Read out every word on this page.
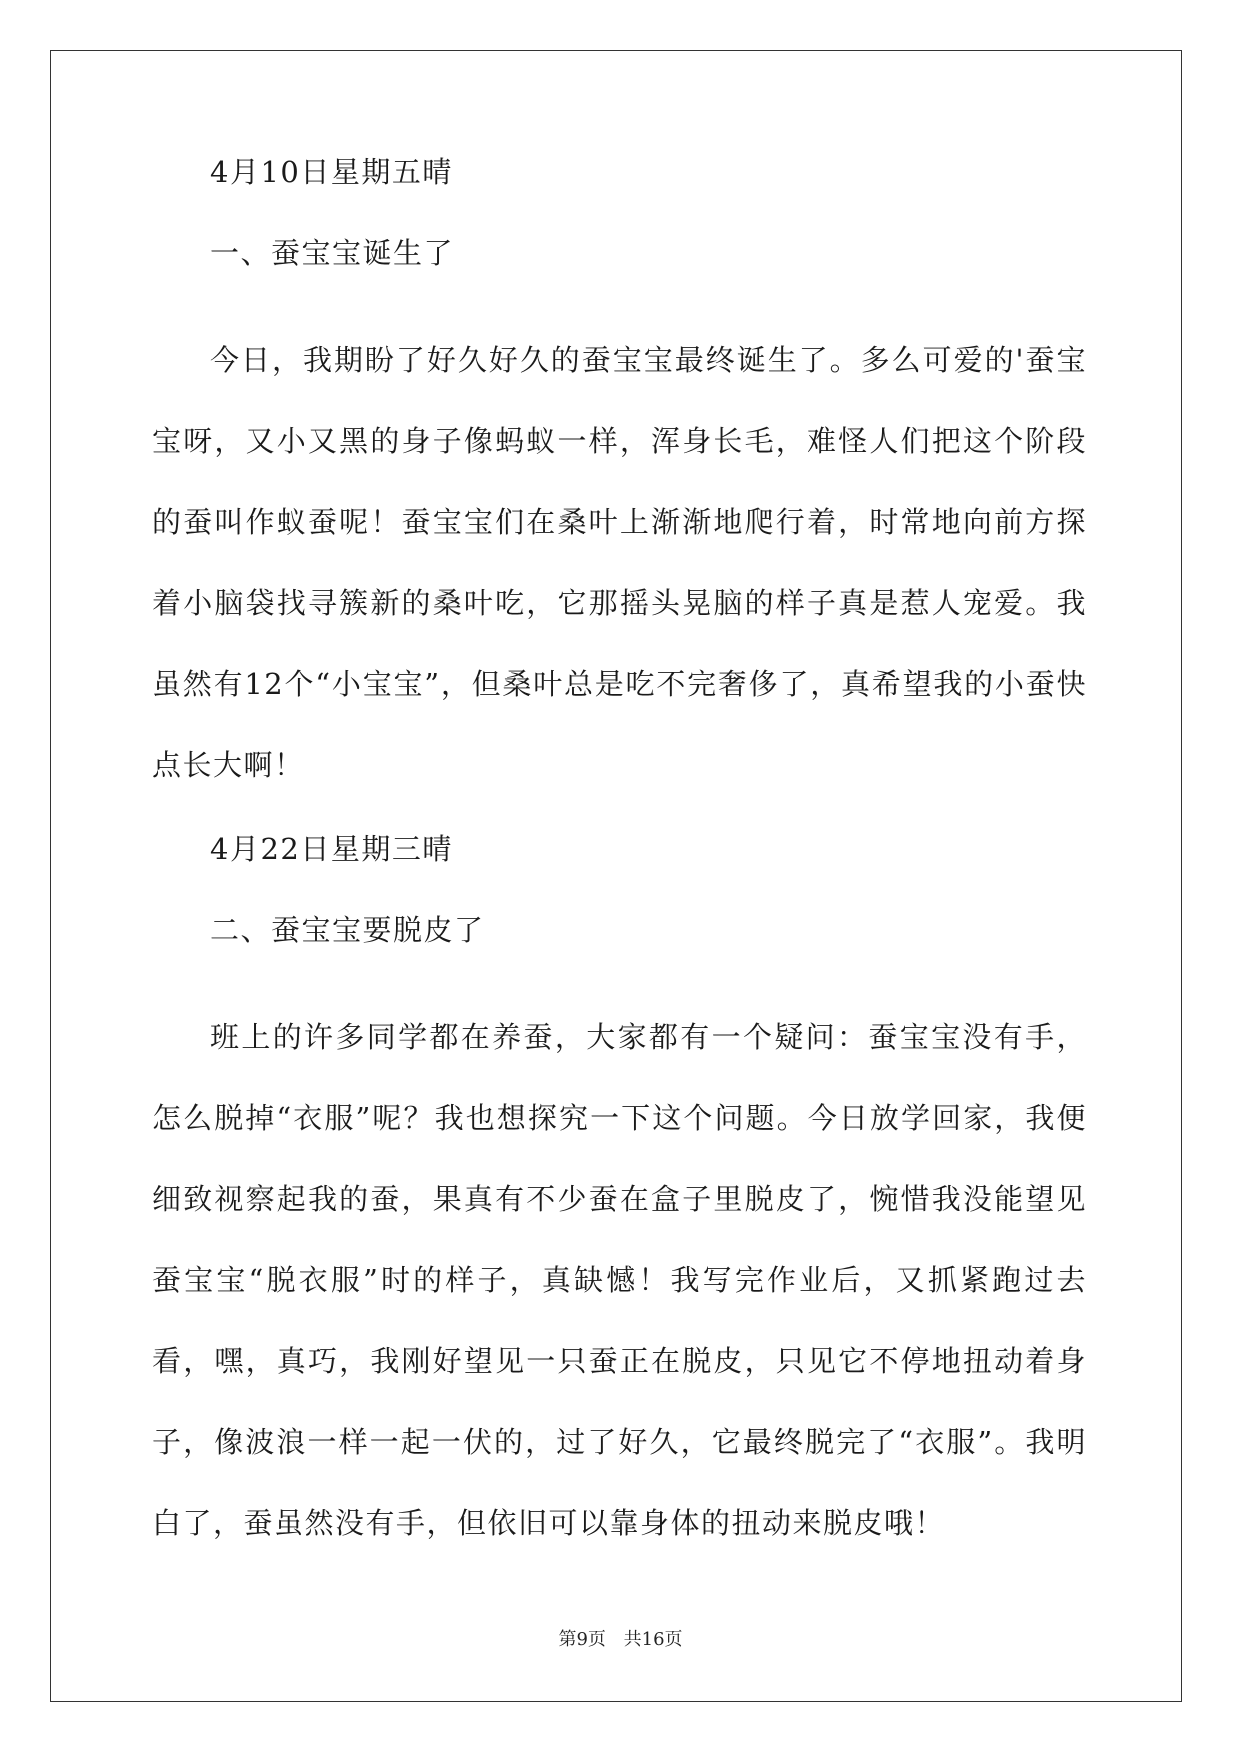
4月10日星期五晴
一、蚕宝宝诞生了

今日，我期盼了好久好久的蚕宝宝最终诞生了。多么可爱的'蚕宝宝呀，又小又黑的身子像蚂蚁一样，浑身长毛，难怪人们把这个阶段的蚕叫作蚁蚕呢！蚕宝宝们在桑叶上渐渐地爬行着，时常地向前方探着小脑袋找寻簇新的桑叶吃，它那摇头晃脑的样子真是惹人宠爱。我虽然有12个“小宝宝”，但桑叶总是吃不完奢侈了，真希望我的小蚕快点长大啊！

4月22日星期三晴
二、蚕宝宝要脱皮了

班上的许多同学都在养蚕，大家都有一个疑问：蚕宝宝没有手，怎么脱掉“衣服”呢？我也想探究一下这个问题。今日放学回家，我便细致视察起我的蚕，果真有不少蚕在盒子里脱皮了，惋惜我没能望见蚕宝宝“脱衣服”时的样子，真缺憾！我写完作业后，又抓紧跑过去看，嘿，真巧，我刚好望见一只蚕正在脱皮，只见它不停地扭动着身子，像波浪一样一起一伏的，过了好久，它最终脱完了“衣服”。我明白了，蚕虽然没有手，但依旧可以靠身体的扭动来脱皮哦！

第9页 共16页
